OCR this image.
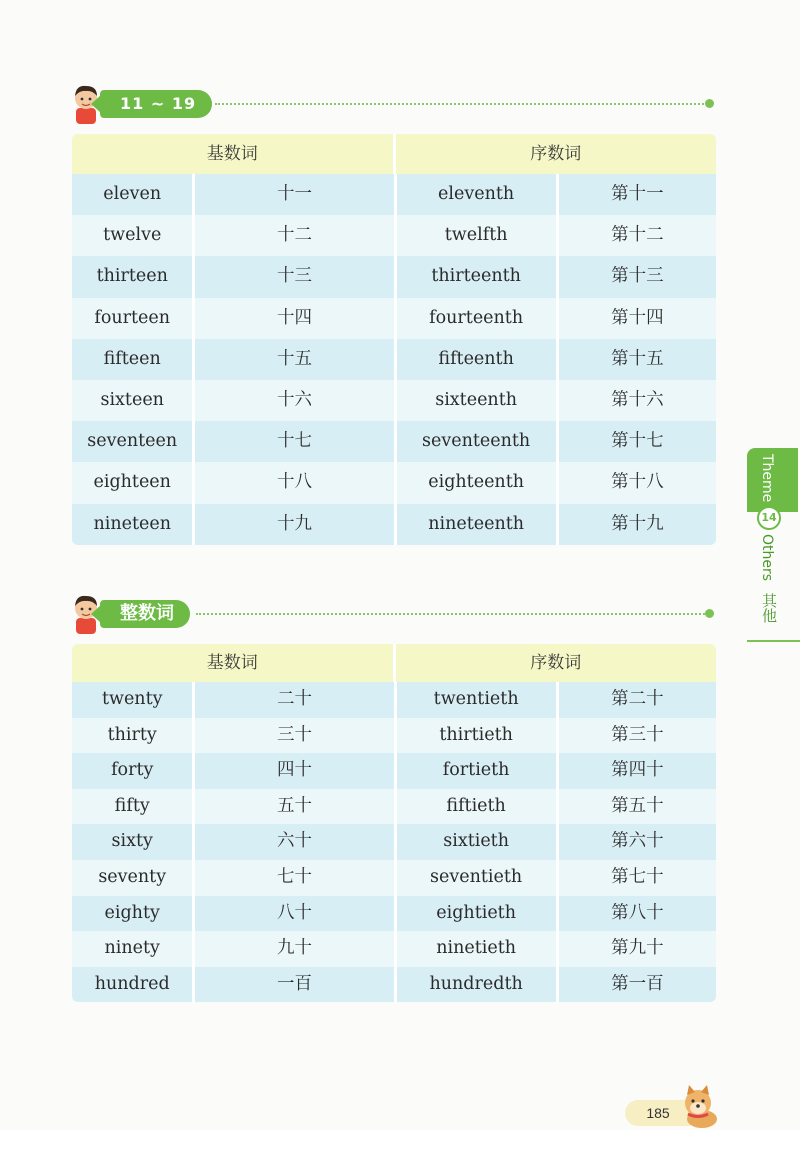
11 ~ 19
基数词	序数词
eleven	十一	eleventh	第十一
twelve	十二	twelfth	第十二
thirteen	十三	thirteenth	第十三
fourteen	十四	fourteenth	第十四
fifteen	十五	fifteenth	第十五
sixteen	十六	sixteenth	第十六
seventeen	十七	seventeenth	第十七
eighteen	十八	eighteenth	第十八
nineteen	十九	nineteenth	第十九
整数词
基数词	序数词
twenty	二十	twentieth	第二十
thirty	三十	thirtieth	第三十
forty	四十	fortieth	第四十
fifty	五十	fiftieth	第五十
sixty	六十	sixtieth	第六十
seventy	七十	seventieth	第七十
eighty	八十	eightieth	第八十
ninety	九十	ninetieth	第九十
hundred	一百	hundredth	第一百
Theme
14
Others
其他
185
